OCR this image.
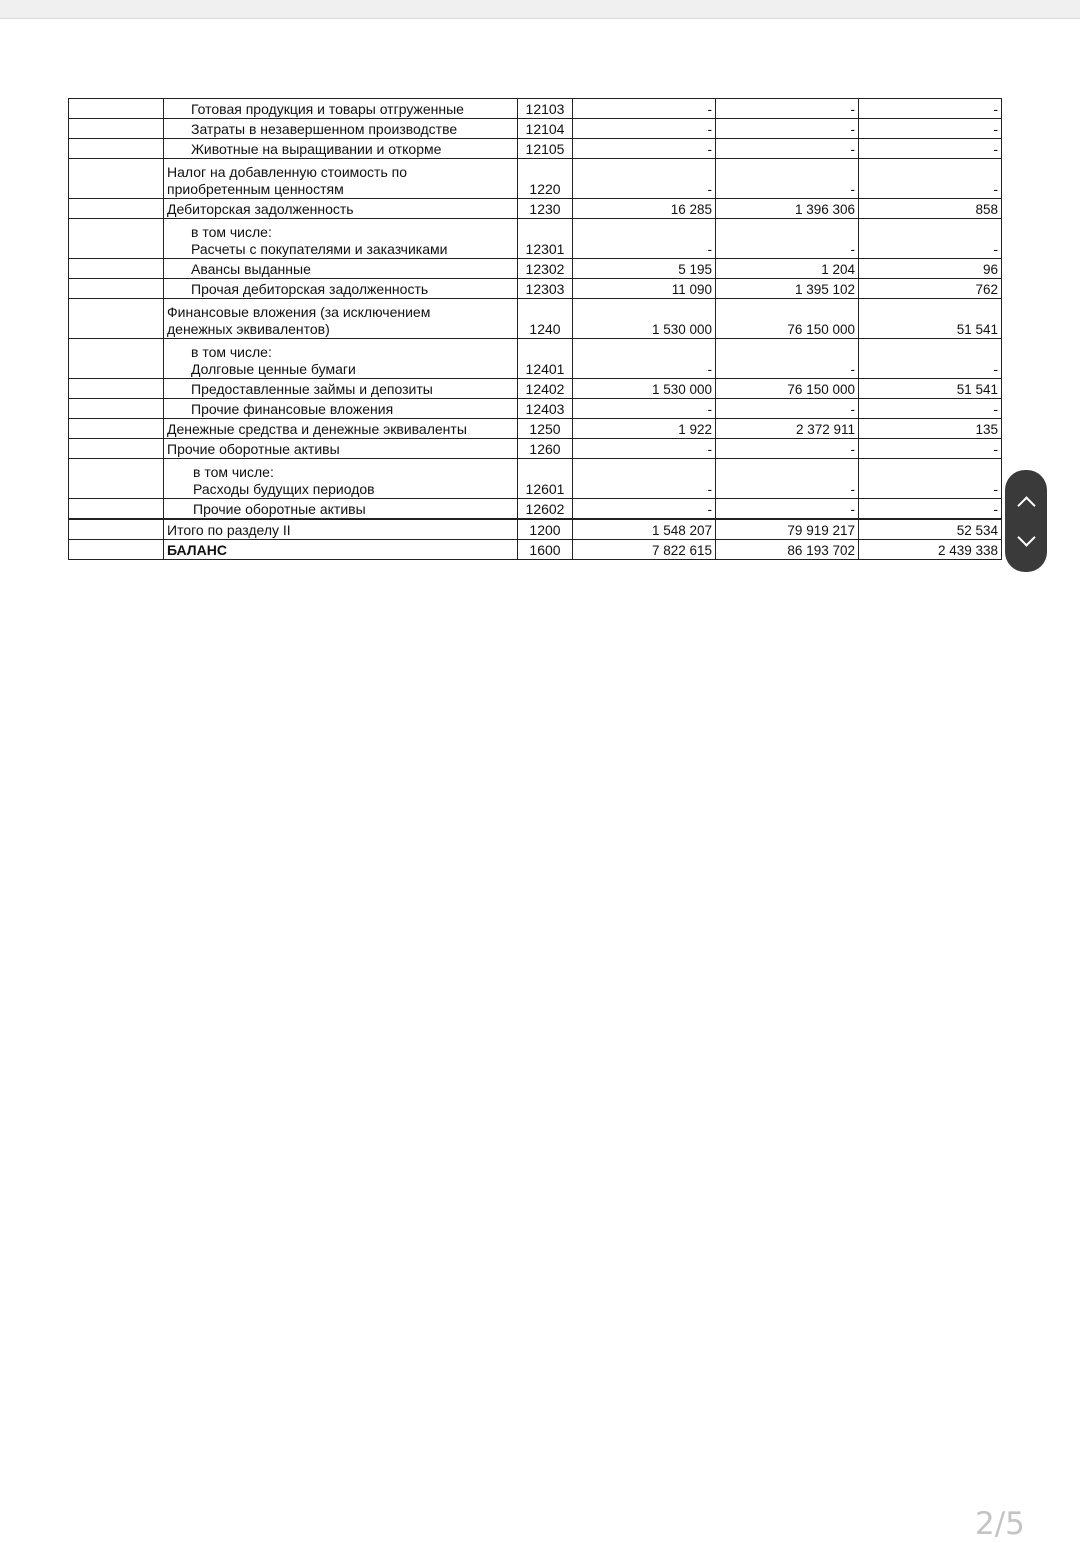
	Готовая продукция и товары отгруженные	12103	-	-	-

	Затраты в незавершенном производстве	12104	-	-	-

	Животные на выращивании и откорме	12105	-	-	-

	Налог на добавленную стоимость по
приобретенным ценностям	1220	-	-	-

	Дебиторская задолженность	1230	16 285	1 396 306	858

	в том числе:
Расчеты с покупателями и заказчиками	12301	-	-	-

	Авансы выданные	12302	5 195	1 204	96

	Прочая дебиторская задолженность	12303	11 090	1 395 102	762

	Финансовые вложения (за исключением
денежных эквивалентов)	1240	1 530 000	76 150 000	51 541

	в том числе:
Долговые ценные бумаги	12401	-	-	-

	Предоставленные займы и депозиты	12402	1 530 000	76 150 000	51 541

	Прочие финансовые вложения	12403	-	-	-

	Денежные средства и денежные эквиваленты	1250	1 922	2 372 911	135

	Прочие оборотные активы	1260	-	-	-

	в том числе:
Расходы будущих периодов	12601	-	-	-

	Прочие оборотные активы	12602	-	-	-

	Итого по разделу II	1200	1 548 207	79 919 217	52 534

	БАЛАНС	1600	7 822 615	86 193 702	2 439 338
2/5
